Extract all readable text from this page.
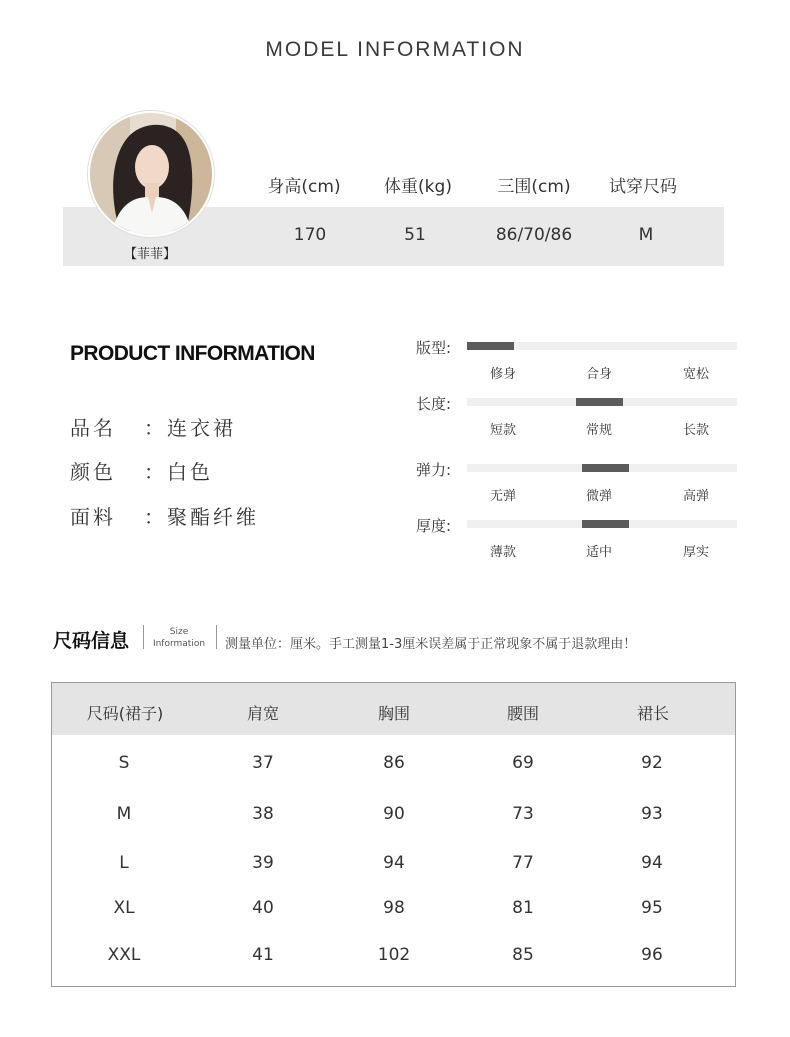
MODEL INFORMATION
【菲菲】
身高(cm)	体重(kg)	三围(cm)	试穿尺码
170	51	86/70/86	M
PRODUCT INFORMATION
品名 ：连衣裙
颜色 ：白色
面料 ：聚酯纤维
版型:
修身	合身	宽松
长度:
短款	常规	长款
弹力:
无弹	微弹	高弹
厚度:
薄款	适中	厚实
尺码信息	Size
Information	测量单位：厘米。手工测量1-3厘米误差属于正常现象不属于退款理由！
尺码(裙子)	肩宽	胸围	腰围	裙长
S	37	86	69	92
M	38	90	73	93
L	39	94	77	94
XL	40	98	81	95
XXL	41	102	85	96
